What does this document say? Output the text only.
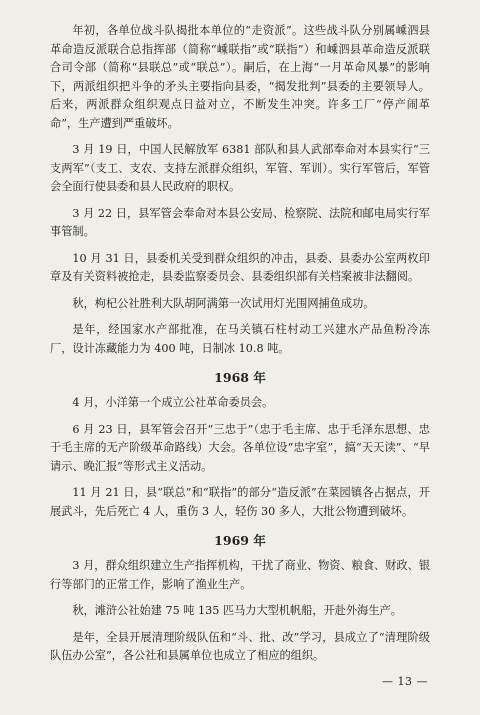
年初，各单位战斗队揭批本单位的“走资派”。这些战斗队分别属嵊泗县革命造反派联合总指挥部（简称“嵊联指”或“联指”）和嵊泗县革命造反派联合司令部（简称“县联总”或“联总”）。嗣后，在上海“一月革命风暴”的影响下，两派组织把斗争的矛头主要指向县委，“揭发批判”县委的主要领导人。后来，两派群众组织观点日益对立，不断发生冲突。许多工厂“停产闹革命”，生产遭到严重破坏。

3 月 19 日，中国人民解放军 6381 部队和县人武部奉命对本县实行“三支两军”（支工、支农、支持左派群众组织，军管、军训）。实行军管后，军管会全面行使县委和县人民政府的职权。

3 月 22 日，县军管会奉命对本县公安局、检察院、法院和邮电局实行军事管制。

10 月 31 日，县委机关受到群众组织的冲击，县委、县委办公室两枚印章及有关资料被抢走，县委监察委员会、县委组织部有关档案被非法翻阅。

秋，枸杞公社胜利大队胡阿满第一次试用灯光围网捕鱼成功。

是年，经国家水产部批准，在马关镇石柱村动工兴建水产品鱼粉冷冻厂，设计冻藏能力为 400 吨，日制冰 10.8 吨。

1968 年

4 月，小洋第一个成立公社革命委员会。

6 月 23 日，县军管会召开“三忠于”（忠于毛主席、忠于毛泽东思想、忠于毛主席的无产阶级革命路线）大会。各单位设“忠字室”，搞“天天读”、“早请示、晚汇报”等形式主义活动。

11 月 21 日，县“联总”和“联指”的部分“造反派”在菜园镇各占据点，开展武斗，先后死亡 4 人，重伤 3 人，轻伤 30 多人，大批公物遭到破坏。

1969 年

3 月，群众组织建立生产指挥机构，干扰了商业、物资、粮食、财政、银行等部门的正常工作，影响了渔业生产。

秋，滩浒公社始建 75 吨 135 匹马力大型机帆船，开赴外海生产。

是年，全县开展清理阶级队伍和“斗、批、改”学习，县成立了“清理阶级队伍办公室”，各公社和县属单位也成立了相应的组织。

— 13 —
